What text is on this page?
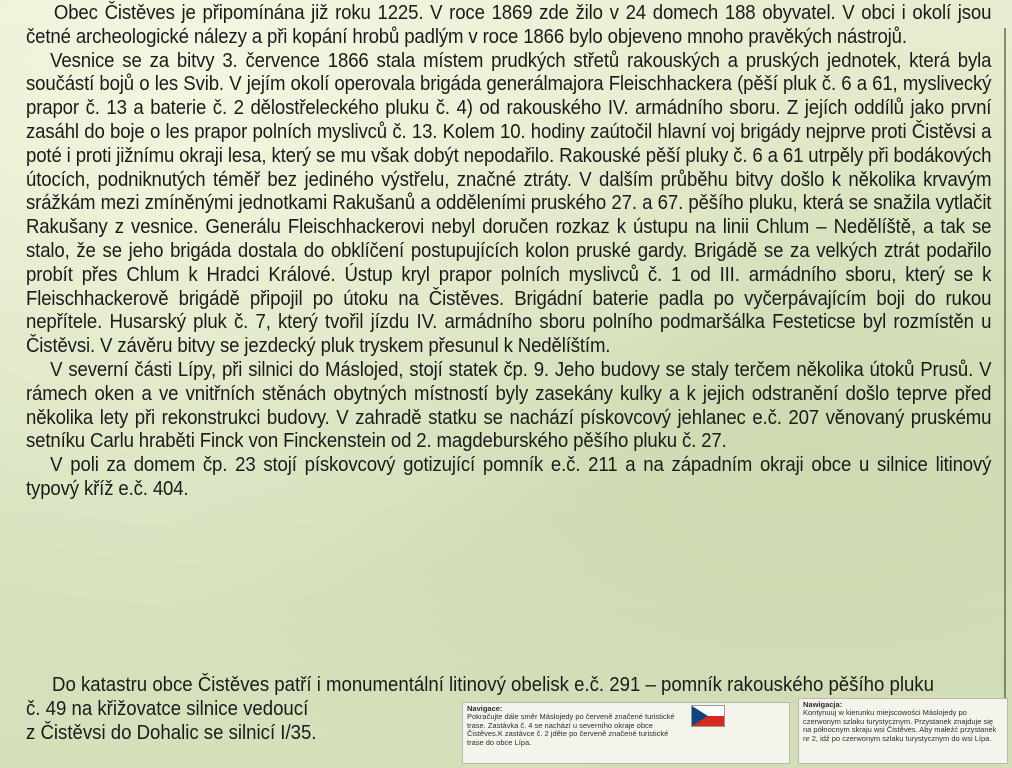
Obec Čistěves je připomínána již roku 1225. V roce 1869 zde žilo v 24 domech 188 obyvatel. V obci i okolí jsou četné archeologické nálezy a při kopání hrobů padlým v roce 1866 bylo objeveno mnoho pravěkých nástrojů.

Vesnice se za bitvy 3. července 1866 stala místem prudkých střetů rakouských a pruských jednotek, která byla součástí bojů o les Svib. V jejím okolí operovala brigáda generálmajora Fleischhackera (pěší pluk č. 6 a 61, myslivecký prapor č. 13 a baterie č. 2 dělostřeleckého pluku č. 4) od rakouského IV. armádního sboru. Z jejích oddílů jako první zasáhl do boje o les prapor polních myslivců č. 13. Kolem 10. hodiny zaútočil hlavní voj brigády nejprve proti Čistěvsi a poté i proti jižnímu okraji lesa, který se mu však dobýt nepodařilo. Rakouské pěší pluky č. 6 a 61 utrpěly při bodákových útocích, podniknutých téměř bez jediného výstřelu, značné ztráty. V dalším průběhu bitvy došlo k několika krvavým srážkám mezi zmíněnými jednotkami Rakušanů a odděleními pruského 27. a 67. pěšího pluku, která se snažila vytlačit Rakušany z vesnice. Generálu Fleischhackerovi nebyl doručen rozkaz k ústupu na linii Chlum – Nedělíště, a tak se stalo, že se jeho brigáda dostala do obklíčení postupujících kolon pruské gardy. Brigádě se za velkých ztrát podařilo probít přes Chlum k Hradci Králové. Ústup kryl prapor polních myslivců č. 1 od III. armádního sboru, který se k Fleischhackerově brigádě připojil po útoku na Čistěves. Brigádní baterie padla po vyčerpávajícím boji do rukou nepřítele. Husarský pluk č. 7, který tvořil jízdu IV. armádního sboru polního podmaršálka Festeticse byl rozmístěn u Čistěvsi. V závěru bitvy se jezdecký pluk tryskem přesunul k Nedělíštím.

V severní části Lípy, při silnici do Máslojed, stojí statek čp. 9. Jeho budovy se staly terčem několika útoků Prusů. V rámech oken a ve vnitřních stěnách obytných místností byly zasekány kulky a k jejich odstranění došlo teprve před několika lety při rekonstrukci budovy. V zahradě statku se nachází pískovcový jehlanec e.č. 207 věnovaný pruskému setníku Carlu hraběti Finck von Finckenstein od 2. magdeburského pěšího pluku č. 27.

V poli za domem čp. 23 stojí pískovcový gotizující pomník e.č. 211 a na západním okraji obce u silnice litinový typový kříž e.č. 404.

Do katastru obce Čistěves patří i monumentální litinový obelisk e.č. 291 – pomník rakouského pěšího pluku
č. 49 na křižovatce silnice vedoucí
z Čistěvsi do Dohalic se silnicí I/35.
Navigace:
Pokračujte dále směr Máslojedy po červeně značené turistické trase. Zastávka č. 4 se nachází u severního okraje obce Čistěves.K zastávce č. 2 jděte po červeně značené turistické trase do obce Lípa.
Nawigacja:
Kontynuuj w kierunku miejscowości Máslojedy po czerwonym szlaku turystycznym. Przystanek znajduje się na północnym skraju wsi Čistěves. Aby małeźć przystanek nr 2, idź po czerwonym szlaku turystycznym do wsi Lípa.
